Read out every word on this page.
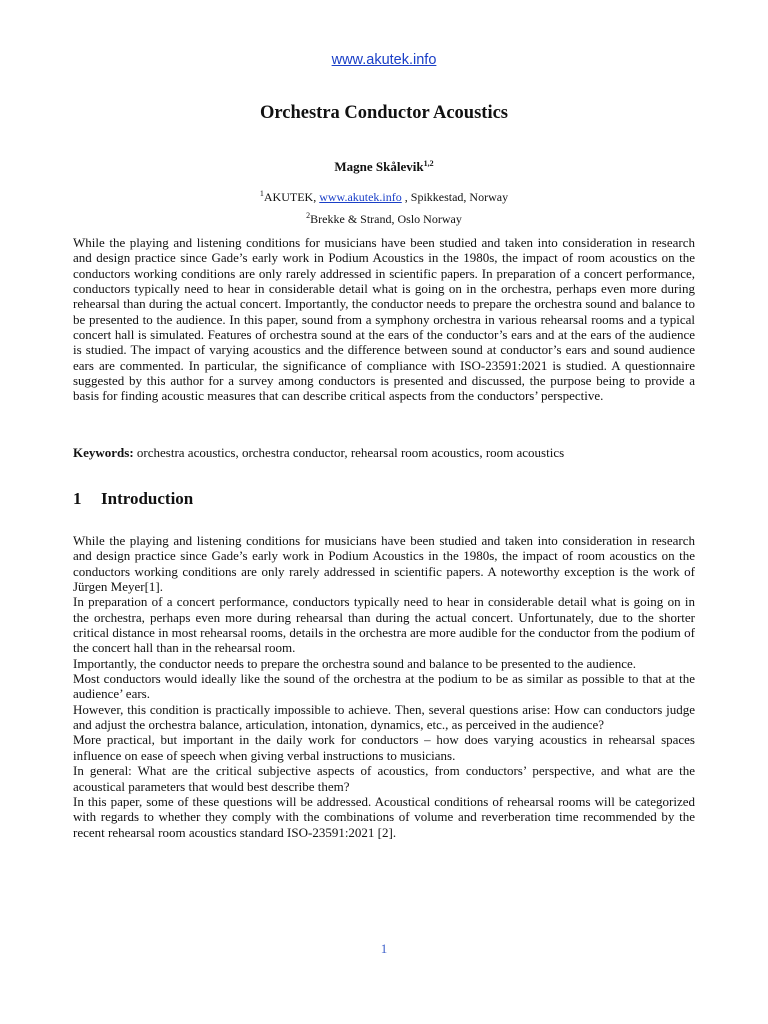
www.akutek.info
Orchestra Conductor Acoustics
Magne Skålevik$^{1,2}$
$^1$AKUTEK, www.akutek.info , Spikkestad, Norway
$^2$Brekke & Strand, Oslo Norway

While the playing and listening conditions for musicians have been studied and taken into consideration in research and design practice since Gade’s early work in Podium Acoustics in the 1980s, the impact of room acoustics on the conductors working conditions are only rarely addressed in scientific papers. In preparation of a concert performance, conductors typically need to hear in considerable detail what is going on in the orchestra, perhaps even more during rehearsal than during the actual concert. Importantly, the conductor needs to prepare the orchestra sound and balance to be presented to the audience. In this paper, sound from a symphony orchestra in various rehearsal rooms and a typical concert hall is simulated. Features of orchestra sound at the ears of the conductor’s ears and at the ears of the audience is studied. The impact of varying acoustics and the difference between sound at conductor’s ears and sound audience ears are commented. In particular, the significance of compliance with ISO-23591:2021 is studied. A questionnaire suggested by this author for a survey among conductors is presented and discussed, the purpose being to provide a basis for finding acoustic measures that can describe critical aspects from the conductors’ perspective.

Keywords: orchestra acoustics, orchestra conductor, rehearsal room acoustics, room acoustics

1 Introduction

While the playing and listening conditions for musicians have been studied and taken into consideration in research and design practice since Gade’s early work in Podium Acoustics in the 1980s, the impact of room acoustics on the conductors working conditions are only rarely addressed in scientific papers. A noteworthy exception is the work of Jürgen Meyer[1].

In preparation of a concert performance, conductors typically need to hear in considerable detail what is going on in the orchestra, perhaps even more during rehearsal than during the actual concert. Unfortunately, due to the shorter critical distance in most rehearsal rooms, details in the orchestra are more audible for the conductor from the podium of the concert hall than in the rehearsal room.

Importantly, the conductor needs to prepare the orchestra sound and balance to be presented to the audience.

Most conductors would ideally like the sound of the orchestra at the podium to be as similar as possible to that at the audience’ ears.

However, this condition is practically impossible to achieve. Then, several questions arise: How can conductors judge and adjust the orchestra balance, articulation, intonation, dynamics, etc., as perceived in the audience?

More practical, but important in the daily work for conductors – how does varying acoustics in rehearsal spaces influence on ease of speech when giving verbal instructions to musicians.

In general: What are the critical subjective aspects of acoustics, from conductors’ perspective, and what are the acoustical parameters that would best describe them?

In this paper, some of these questions will be addressed. Acoustical conditions of rehearsal rooms will be categorized with regards to whether they comply with the combinations of volume and reverberation time recommended by the recent rehearsal room acoustics standard ISO-23591:2021 [2].

1
